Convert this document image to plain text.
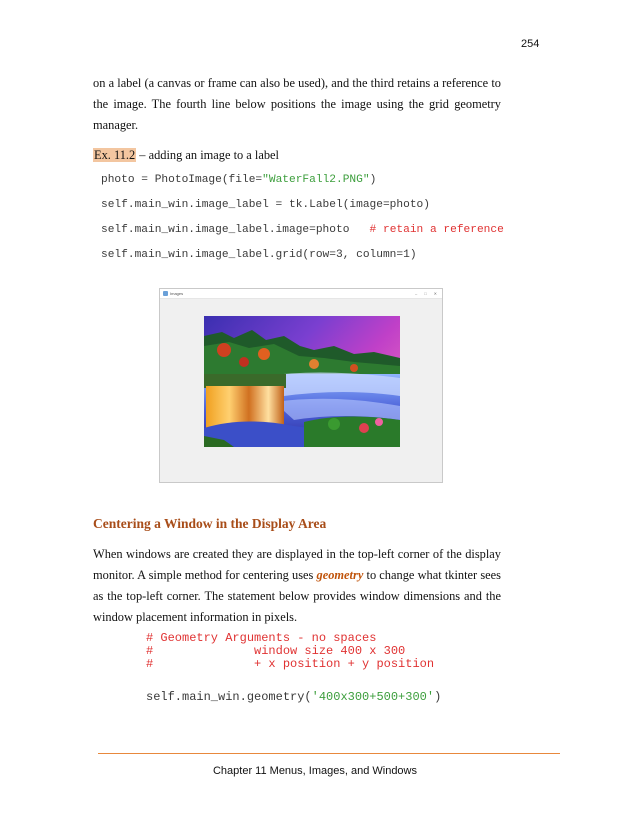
254
on a label (a canvas or frame can also be used), and the third retains a reference to the image. The fourth line below positions the image using the grid geometry manager.
Ex. 11.2 – adding an image to a label
photo = PhotoImage(file="WaterFall2.PNG")
self.main_win.image_label = tk.Label(image=photo)
self.main_win.image_label.image=photo   # retain a reference
self.main_win.image_label.grid(row=3, column=1)
Images	– □ ✕
Centering a Window in the Display Area
When windows are created they are displayed in the top-left corner of the display monitor. A simple method for centering uses geometry to change what tkinter sees as the top-left corner. The statement below provides window dimensions and the window placement information in pixels.
# Geometry Arguments - no spaces
#              window size 400 x 300
#              + x position + y position
self.main_win.geometry('400x300+500+300')
Chapter 11 Menus, Images, and Windows
